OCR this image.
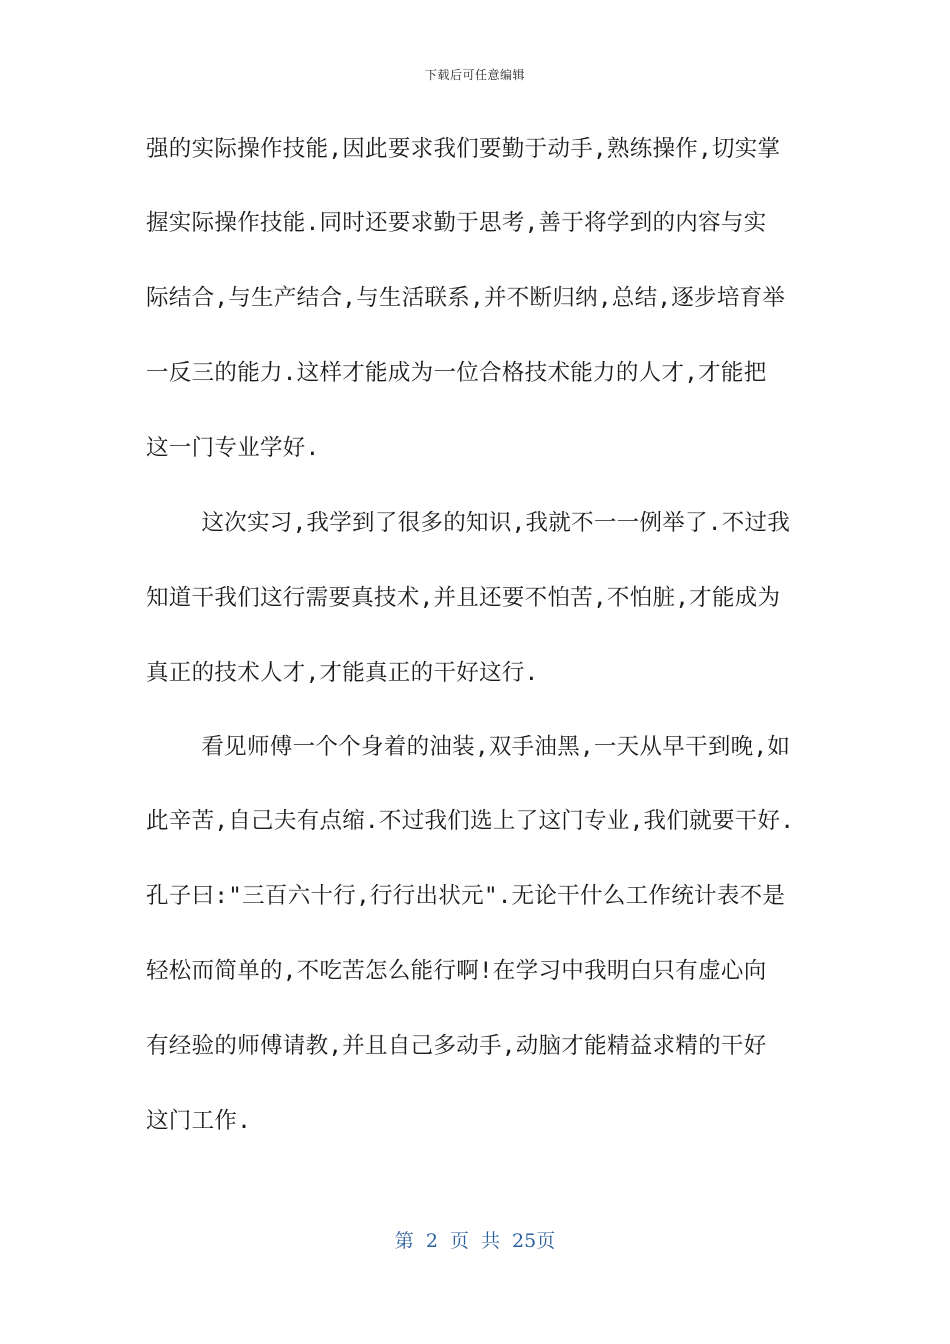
下载后可任意编辑
强的实际操作技能,因此要求我们要勤于动手,熟练操作,切实掌
握实际操作技能.同时还要求勤于思考,善于将学到的内容与实
际结合,与生产结合,与生活联系,并不断归纳,总结,逐步培育举
一反三的能力.这样才能成为一位合格技术能力的人才,才能把
这一门专业学好.
这次实习,我学到了很多的知识,我就不一一例举了.不过我
知道干我们这行需要真技术,并且还要不怕苦,不怕脏,才能成为
真正的技术人才,才能真正的干好这行.
看见师傅一个个身着的油装,双手油黑,一天从早干到晚,如
此辛苦,自己夫有点缩.不过我们选上了这门专业,我们就要干好.
孔子曰:"三百六十行,行行出状元".无论干什么工作统计表不是
轻松而简单的,不吃苦怎么能行啊!在学习中我明白只有虚心向
有经验的师傅请教,并且自己多动手,动脑才能精益求精的干好
这门工作.
第 2 页 共 25页
